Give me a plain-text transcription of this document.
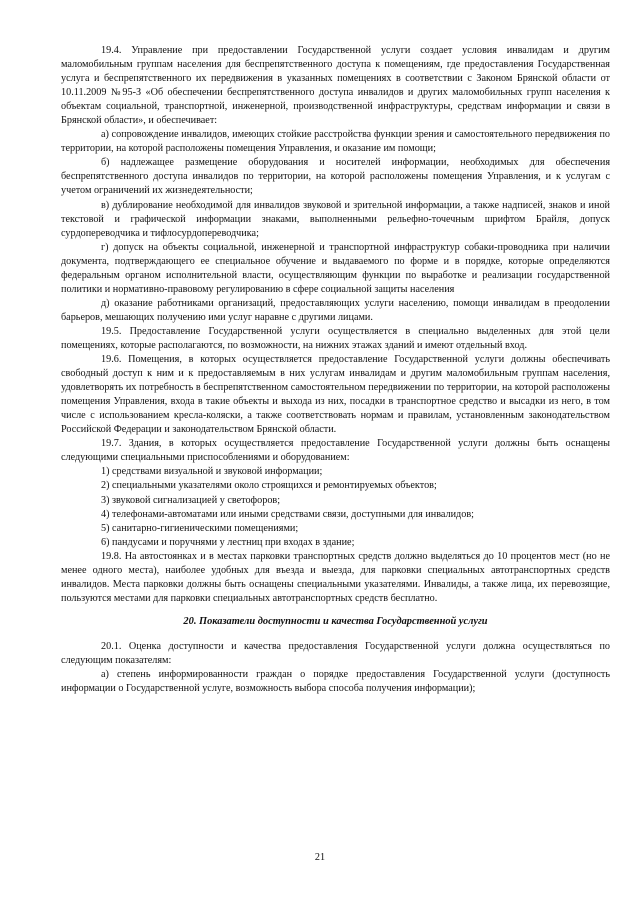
19.4. Управление при предоставлении Государственной услуги создает условия инвалидам и другим маломобильным группам населения для беспрепятственного доступа к помещениям, где предоставления Государственная услуга и беспрепятственного их передвижения в указанных помещениях в соответствии с Законом Брянской области от 10.11.2009 №95-З «Об обеспечении беспрепятственного доступа инвалидов и других маломобильных групп населения к объектам социальной, транспортной, инженерной, производственной инфраструктуры, средствам информации и связи в Брянской области», и обеспечивает:

а) сопровождение инвалидов, имеющих стойкие расстройства функции зрения и самостоятельного передвижения по территории, на которой расположены помещения Управления, и оказание им помощи;

б) надлежащее размещение оборудования и носителей информации, необходимых для обеспечения беспрепятственного доступа инвалидов по территории, на которой расположены помещения Управления, и к услугам с учетом ограничений их жизнедеятельности;

в) дублирование необходимой для инвалидов звуковой и зрительной информации, а также надписей, знаков и иной текстовой и графической информации знаками, выполненными рельефно-точечным шрифтом Брайля, допуск сурдопереводчика и тифлосурдопереводчика;

г) допуск на объекты социальной, инженерной и транспортной инфраструктур собаки-проводника при наличии документа, подтверждающего ее специальное обучение и выдаваемого по форме и в порядке, которые определяются федеральным органом исполнительной власти, осуществляющим функции по выработке и реализации государственной политики и нормативно-правовому регулированию в сфере социальной защиты населения

д) оказание работниками организаций, предоставляющих услуги населению, помощи инвалидам в преодолении барьеров, мешающих получению ими услуг наравне с другими лицами.

19.5. Предоставление Государственной услуги осуществляется в специально выделенных для этой цели помещениях, которые располагаются, по возможности, на нижних этажах зданий и имеют отдельный вход.

19.6. Помещения, в которых осуществляется предоставление Государственной услуги должны обеспечивать свободный доступ к ним и к предоставляемым в них услугам инвалидам и другим маломобильным группам населения, удовлетворять их потребность в беспрепятственном самостоятельном передвижении по территории, на которой расположены помещения Управления, входа в такие объекты и выхода из них, посадки в транспортное средство и высадки из него, в том числе с использованием кресла-коляски, а также соответствовать нормам и правилам, установленным законодательством Российской Федерации и законодательством Брянской области.

19.7. Здания, в которых осуществляется предоставление Государственной услуги должны быть оснащены следующими специальными приспособлениями и оборудованием:

1) средствами визуальной и звуковой информации;

2) специальными указателями около строящихся и ремонтируемых объектов;

3) звуковой сигнализацией у светофоров;

4) телефонами-автоматами или иными средствами связи, доступными для инвалидов;

5) санитарно-гигиеническими помещениями;

6) пандусами и поручнями у лестниц при входах в здание;

19.8. На автостоянках и в местах парковки транспортных средств должно выделяться до 10 процентов мест (но не менее одного места), наиболее удобных для въезда и выезда, для парковки специальных автотранспортных средств инвалидов. Места парковки должны быть оснащены специальными указателями. Инвалиды, а также лица, их перевозящие, пользуются местами для парковки специальных автотранспортных средств бесплатно.

20. Показатели доступности и качества Государственной услуги

20.1. Оценка доступности и качества предоставления Государственной услуги должна осуществляться по следующим показателям:

а) степень информированности граждан о порядке предоставления Государственной услуги (доступность информации о Государственной услуге, возможность выбора способа получения информации);

21
